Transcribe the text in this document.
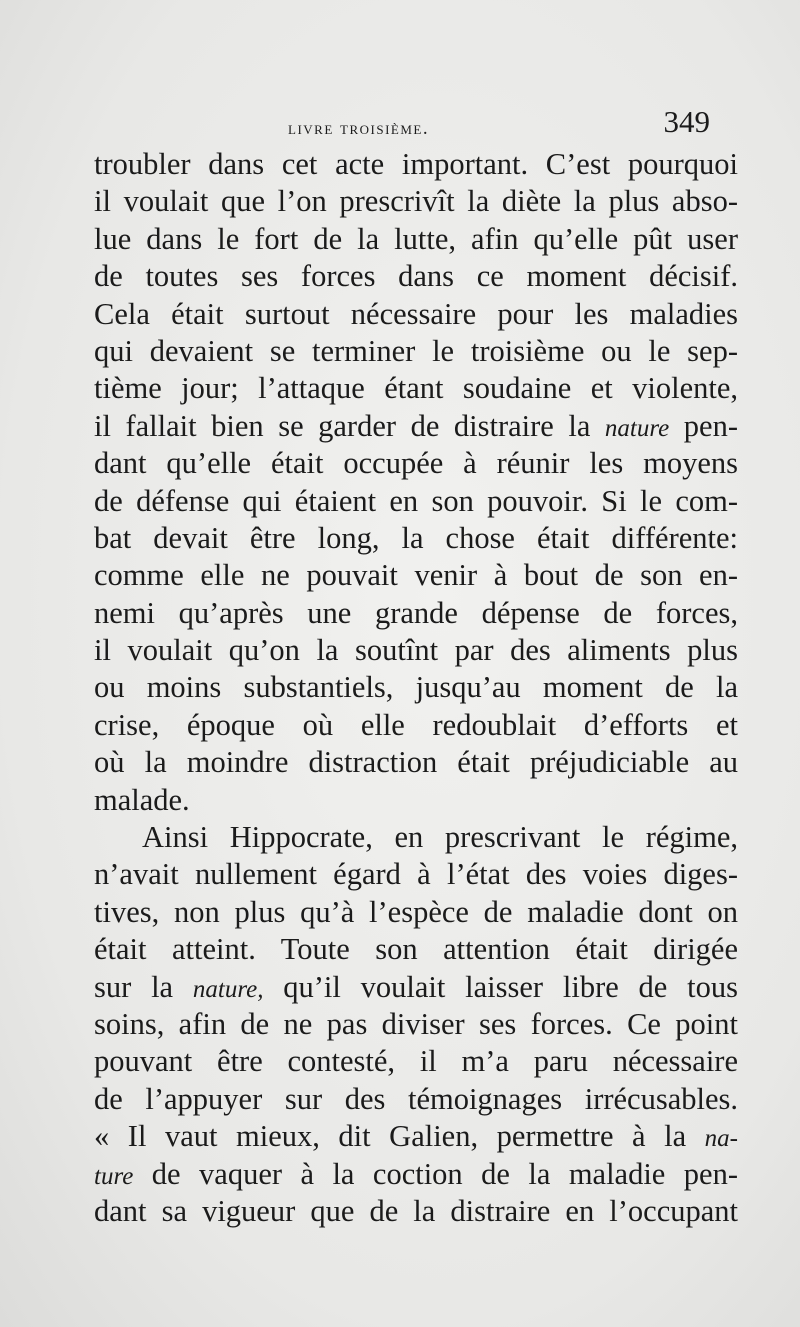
livre troisième.	349
troubler dans cet acte important. C’est pourquoi
il voulait que l’on prescrivît la diète la plus abso-
lue dans le fort de la lutte, afin qu’elle pût user
de toutes ses forces dans ce moment décisif.
Cela était surtout nécessaire pour les maladies
qui devaient se terminer le troisième ou le sep-
tième jour; l’attaque étant soudaine et violente,
il fallait bien se garder de distraire la nature pen-
dant qu’elle était occupée à réunir les moyens
de défense qui étaient en son pouvoir. Si le com-
bat devait être long, la chose était différente:
comme elle ne pouvait venir à bout de son en-
nemi qu’après une grande dépense de forces,
il voulait qu’on la soutînt par des aliments plus
ou moins substantiels, jusqu’au moment de la
crise, époque où elle redoublait d’efforts et
où la moindre distraction était préjudiciable au
malade.
Ainsi Hippocrate, en prescrivant le régime,
n’avait nullement égard à l’état des voies diges-
tives, non plus qu’à l’espèce de maladie dont on
était atteint. Toute son attention était dirigée
sur la nature, qu’il voulait laisser libre de tous
soins, afin de ne pas diviser ses forces. Ce point
pouvant être contesté, il m’a paru nécessaire
de l’appuyer sur des témoignages irrécusables.
« Il vaut mieux, dit Galien, permettre à la na-
ture de vaquer à la coction de la maladie pen-
dant sa vigueur que de la distraire en l’occupant
